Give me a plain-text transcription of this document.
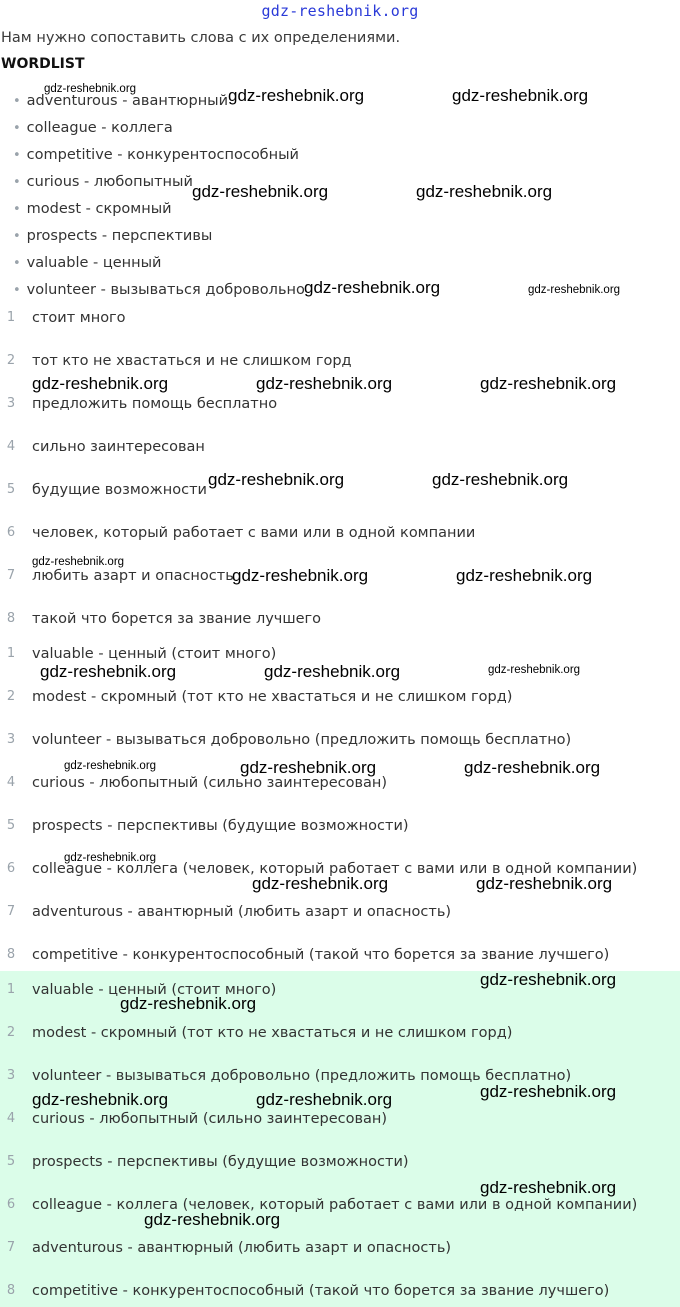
gdz-reshebnik.org
Нам нужно сопоставить слова с их определениями.
WORDLIST
• adventurous - авантюрный
• colleague - коллега
• competitive - конкурентоспособный
• curious - любопытный
• modest - скромный
• prospects - перспективы
• valuable - ценный
• volunteer - вызываться добровольно
1	стоит много
2	тот кто не хвастаться и не слишком горд
3	предложить помощь бесплатно
4	сильно заинтересован
5	будущие возможности
6	человек, который работает с вами или в одной компании
7	любить азарт и опасность
8	такой что борется за звание лучшего
1	valuable - ценный (стоит много)
2	modest - скромный (тот кто не хвастаться и не слишком горд)
3	volunteer - вызываться добровольно (предложить помощь бесплатно)
4	curious - любопытный (сильно заинтересован)
5	prospects - перспективы (будущие возможности)
6	colleague - коллега (человек, который работает с вами или в одной компании)
7	adventurous - авантюрный (любить азарт и опасность)
8	competitive - конкурентоспособный (такой что борется за звание лучшего)
1	valuable - ценный (стоит много)
2	modest - скромный (тот кто не хвастаться и не слишком горд)
3	volunteer - вызываться добровольно (предложить помощь бесплатно)
4	curious - любопытный (сильно заинтересован)
5	prospects - перспективы (будущие возможности)
6	colleague - коллега (человек, который работает с вами или в одной компании)
7	adventurous - авантюрный (любить азарт и опасность)
8	competitive - конкурентоспособный (такой что борется за звание лучшего)
gdz-reshebnik.org	gdz-reshebnik.org	gdz-reshebnik.org
gdz-reshebnik.org	gdz-reshebnik.org
gdz-reshebnik.org	gdz-reshebnik.org
gdz-reshebnik.org	gdz-reshebnik.org	gdz-reshebnik.org
gdz-reshebnik.org	gdz-reshebnik.org
gdz-reshebnik.org
gdz-reshebnik.org	gdz-reshebnik.org
gdz-reshebnik.org	gdz-reshebnik.org	gdz-reshebnik.org
gdz-reshebnik.org	gdz-reshebnik.org	gdz-reshebnik.org
gdz-reshebnik.org
gdz-reshebnik.org	gdz-reshebnik.org
gdz-reshebnik.org
gdz-reshebnik.org
gdz-reshebnik.org
gdz-reshebnik.org	gdz-reshebnik.org
gdz-reshebnik.org
gdz-reshebnik.org
